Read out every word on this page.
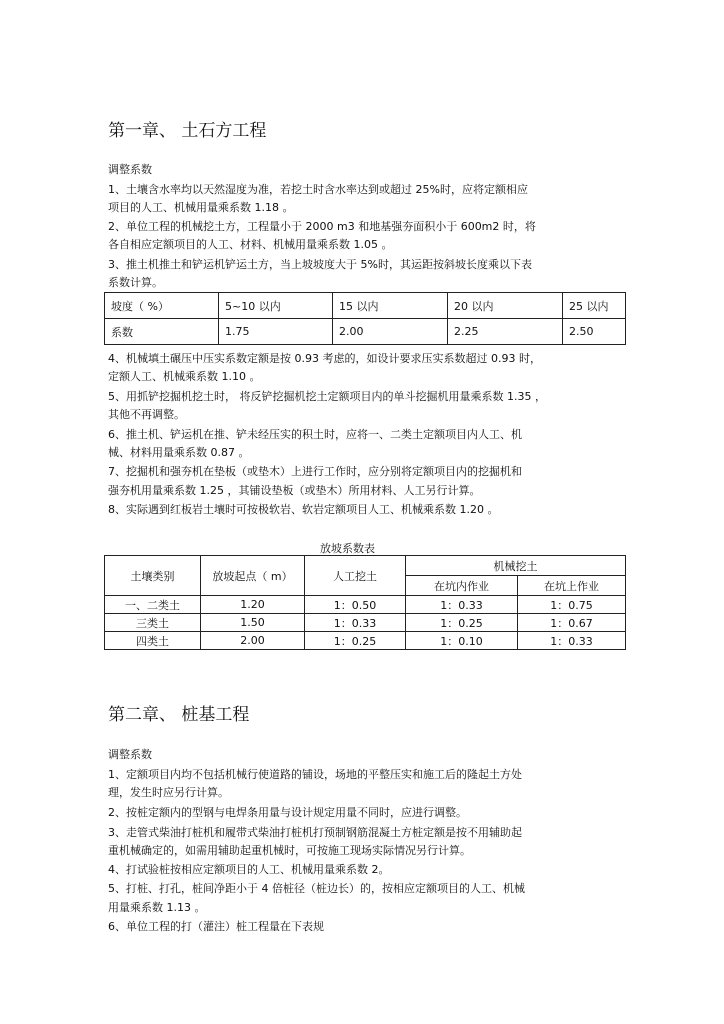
第一章、 土石方工程
调整系数
1、土壤含水率均以天然湿度为准，若挖土时含水率达到或超过 25%时，应将定额相应
项目的人工、机械用量乘系数 1.18 。
2、单位工程的机械挖土方，工程量小于 2000 m3 和地基强夯面积小于 600m2 时，将
各自相应定额项目的人工、材料、机械用量乘系数 1.05 。
3、推土机推土和铲运机铲运土方，当上坡坡度大于 5%时，其运距按斜坡长度乘以下表
系数计算。
坡度（ %）	5~10 以内	15 以内	20 以内	25 以内
系数	1.75	2.00	2.25	2.50
4、机械填土碾压中压实系数定额是按 0.93 考虑的，如设计要求压实系数超过 0.93 时，
定额人工、机械乘系数 1.10 。
5、用抓铲挖掘机挖土时， 将反铲挖掘机挖土定额项目内的单斗挖掘机用量乘系数 1.35 ，
其他不再调整。
6、推土机、铲运机在推、铲未经压实的积土时，应将一、二类土定额项目内人工、机
械、材料用量乘系数 0.87 。
7、挖掘机和强夯机在垫板（或垫木）上进行工作时，应分别将定额项目内的挖掘机和
强夯机用量乘系数 1.25 ，其铺设垫板（或垫木）所用材料、人工另行计算。
8、实际遇到红板岩土壤时可按极软岩、软岩定额项目人工、机械乘系数 1.20 。
放坡系数表
土壤类别	放坡起点（ m）	人工挖土	机械挖土	
			在坑内作业	在坑上作业
一、二类土	1.20	1：0.50	1：0.33	1：0.75
三类土	1.50	1：0.33	1：0.25	1：0.67
四类土	2.00	1：0.25	1：0.10	1：0.33
第二章、 桩基工程
调整系数
1、定额项目内均不包括机械行使道路的铺设，场地的平整压实和施工后的隆起土方处
理，发生时应另行计算。
2、按桩定额内的型钢与电焊条用量与设计规定用量不同时，应进行调整。
3、走管式柴油打桩机和履带式柴油打桩机打预制钢筋混凝土方桩定额是按不用辅助起
重机械确定的，如需用辅助起重机械时，可按施工现场实际情况另行计算。
4、打试验桩按相应定额项目的人工、机械用量乘系数 2。
5、打桩、打孔，桩间净距小于 4 倍桩径（桩边长）的，按相应定额项目的人工、机械
用量乘系数 1.13 。
6、单位工程的打（灌注）桩工程量在下表规
